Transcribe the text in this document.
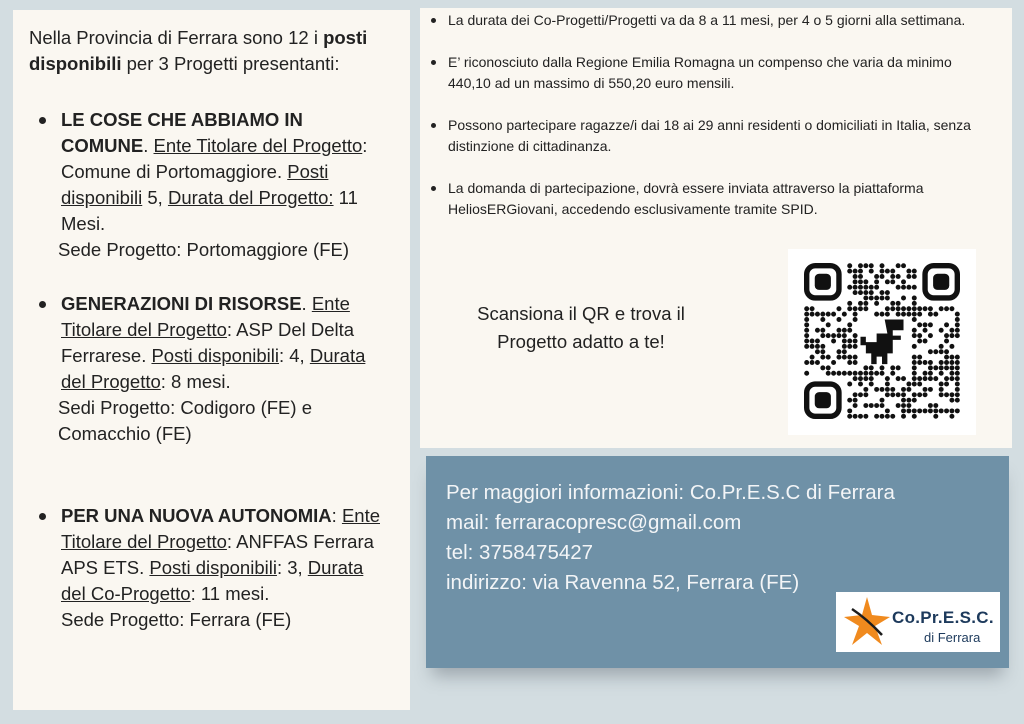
Nella Provincia di Ferrara sono 12 i posti disponibili per 3 Progetti presentanti:

LE COSE CHE ABBIAMO IN COMUNE. Ente Titolare del Progetto: Comune di Portomaggiore. Posti disponibili 5, Durata del Progetto: 11 Mesi.
Sede Progetto: Portomaggiore (FE)
GENERAZIONI DI RISORSE. Ente Titolare del Progetto: ASP Del Delta Ferrarese. Posti disponibili: 4, Durata del Progetto: 8 mesi.
Sedi Progetto: Codigoro (FE) e Comacchio (FE)
PER UNA NUOVA AUTONOMIA: Ente Titolare del Progetto: ANFFAS Ferrara APS ETS. Posti disponibili: 3, Durata del Co-Progetto: 11 mesi.
Sede Progetto: Ferrara (FE)
La durata dei Co-Progetti/Progetti va da 8 a 11 mesi, per 4 o 5 giorni alla settimana.
E’ riconosciuto dalla Regione Emilia Romagna un compenso che varia da minimo 440,10 ad un massimo di 550,20 euro mensili.
Possono partecipare ragazze/i dai 18 ai 29 anni residenti o domiciliati in Italia, senza distinzione di cittadinanza.
La domanda di partecipazione, dovrà essere inviata attraverso la piattaforma HeliosERGiovani, accedendo esclusivamente tramite SPID.
Scansiona il QR e trova il Progetto adatto a te!
Per maggiori informazioni: Co.Pr.E.S.C di Ferrara
mail: ferraracopresc@gmail.com
tel: 3758475427
indirizzo: via Ravenna 52, Ferrara (FE)
Co.Pr.E.S.C.
di Ferrara
